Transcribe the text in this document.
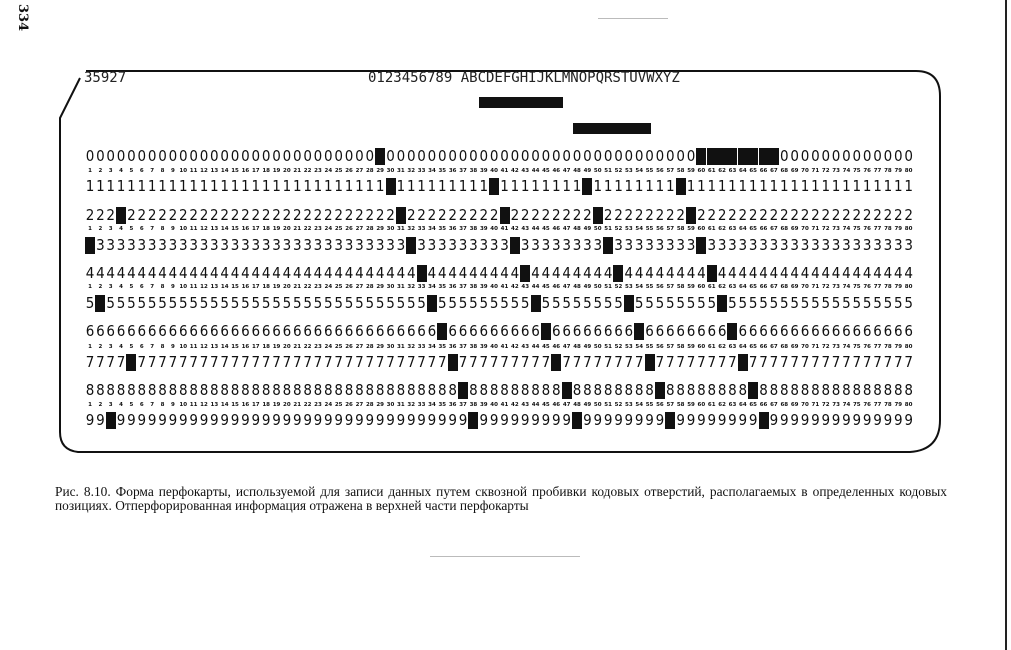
334
35927	0123456789 ABCDEFGHIJKLMNOPQRSTUVWXYZ
0 0 0 0 0 0 0 0 0 0 0 0 0 0 0 0 0 0 0 0 0 0 0 0 0 0 0 0 0 0 0 0 0 0 0 0 0 0 0 0 0 0 0 0 0 0 0 0 0 0 0 0 0 0 0 0 0 0	0 0 0 0 0 0 0 0 0 0 0 0 0
1	2	3	4	5	6	7	8	9 10 11 12 13 14 15 16 17 18 19 20 21 22 23 24 25 26 27 28 29 30 31 32 33 34 35 36 37 38 39 40 41 42 43 44 45 46 47 48 49 50 51 52 53 54 55 56 57 58 59 60 61 62 63 64 65 66 67 68 69 70 71 72 73 74 75 76 77 78 79 80
1 1 1 1 1 1 1 1 1 1 1 1 1 1 1 1 1 1 1 1 1 1 1 1 1 1 1 1 1 1 1 1 1 1 1 1 1 1 1 1 1 1 1 1 1 1 1 1 1 1 1 1 1 1 1 1 1 1 1 1 1 1 1 1 1 1 1 1 1 1 1 1 1 1 1 1
2 2 2 2 2 2 2 2 2 2 2 2 2 2 2 2 2 2 2 2 2 2 2 2 2 2 2 2 2 2 2 2 2 2 2 2 2 2 2 2 2 2 2 2 2 2 2 2 2 2 2 2 2 2 2 2 2 2 2 2 2 2 2 2 2 2 2 2 2 2 2 2 2 2 2
1	2	3	4	5	6	7	8	9 10 11 12 13 14 15 16 17 18 19 20 21 22 23 24 25 26 27 28 29 30 31 32 33 34 35 36 37 38 39 40 41 42 43 44 45 46 47 48 49 50 51 52 53 54 55 56 57 58 59 60 61 62 63 64 65 66 67 68 69 70 71 72 73 74 75 76 77 78 79 80
3 3 3 3 3 3 3 3 3 3 3 3 3 3 3 3 3 3 3 3 3 3 3 3 3 3 3 3 3 3 3 3 3 3 3 3 3 3 3 3 3 3 3 3 3 3 3 3 3 3 3 3 3 3 3 3 3 3 3 3 3 3 3 3 3 3 3 3 3 3 3 3 3 3 3
4 4 4 4 4 4 4 4 4 4 4 4 4 4 4 4 4 4 4 4 4 4 4 4 4 4 4 4 4 4 4 4 4 4 4 4 4 4 4 4 4 4 4 4 4 4 4 4 4 4 4 4 4 4 4 4 4 4 4 4 4 4 4 4 4 4 4 4 4 4 4 4 4 4 4 4
1	2	3	4	5	6	7	8	9 10 11 12 13 14 15 16 17 18 19 20 21 22 23 24 25 26 27 28 29 30 31 32 33 34 35 36 37 38 39 40 41 42 43 44 45 46 47 48 49 50 51 52 53 54 55 56 57 58 59 60 61 62 63 64 65 66 67 68 69 70 71 72 73 74 75 76 77 78 79 80
5 5 5 5 5 5 5 5 5 5 5 5 5 5 5 5 5 5 5 5 5 5 5 5 5 5 5 5 5 5 5 5 5 5 5 5 5 5 5 5 5 5 5 5 5 5 5 5 5 5 5 5 5 5 5 5 5 5 5 5 5 5 5 5 5 5 5 5 5 5 5 5 5 5 5
6 6 6 6 6 6 6 6 6 6 6 6 6 6 6 6 6 6 6 6 6 6 6 6 6 6 6 6 6 6 6 6 6 6 6 6 6 6 6 6 6 6 6 6 6 6 6 6 6 6 6 6 6 6 6 6 6 6 6 6 6 6 6 6 6 6 6 6 6 6 6 6 6 6 6 6
1	2	3	4	5	6	7	8	9 10 11 12 13 14 15 16 17 18 19 20 21 22 23 24 25 26 27 28 29 30 31 32 33 34 35 36 37 38 39 40 41 42 43 44 45 46 47 48 49 50 51 52 53 54 55 56 57 58 59 60 61 62 63 64 65 66 67 68 69 70 71 72 73 74 75 76 77 78 79 80
7 7 7 7 7 7 7 7 7 7 7 7 7 7 7 7 7 7 7 7 7 7 7 7 7 7 7 7 7 7 7 7 7 7 7 7 7 7 7 7 7 7 7 7 7 7 7 7 7 7 7 7 7 7 7 7 7 7 7 7 7 7 7 7 7 7 7 7 7 7 7 7 7 7 7
8 8 8 8 8 8 8 8 8 8 8 8 8 8 8 8 8 8 8 8 8 8 8 8 8 8 8 8 8 8 8 8 8 8 8 8 8 8 8 8 8 8 8 8 8 8 8 8 8 8 8 8 8 8 8 8 8 8 8 8 8 8 8 8 8 8 8 8 8 8 8 8 8 8 8 8
1	2	3	4	5	6	7	8	9 10 11 12 13 14 15 16 17 18 19 20 21 22 23 24 25 26 27 28 29 30 31 32 33 34 35 36 37 38 39 40 41 42 43 44 45 46 47 48 49 50 51 52 53 54 55 56 57 58 59 60 61 62 63 64 65 66 67 68 69 70 71 72 73 74 75 76 77 78 79 80
9 9 9 9 9 9 9 9 9 9 9 9 9 9 9 9 9 9 9 9 9 9 9 9 9 9 9 9 9 9 9 9 9 9 9 9 9 9 9 9 9 9 9 9 9 9 9 9 9 9 9 9 9 9 9 9 9 9 9 9 9 9 9 9 9 9 9 9 9 9 9 9 9 9 9
Рис. 8.10. Форма перфокарты, используемой для записи данных путем сквозной пробивки кодовых отверстий, располагаемых в определенных кодовых позициях. Отперфорированная информация отражена в верхней части перфокарты
